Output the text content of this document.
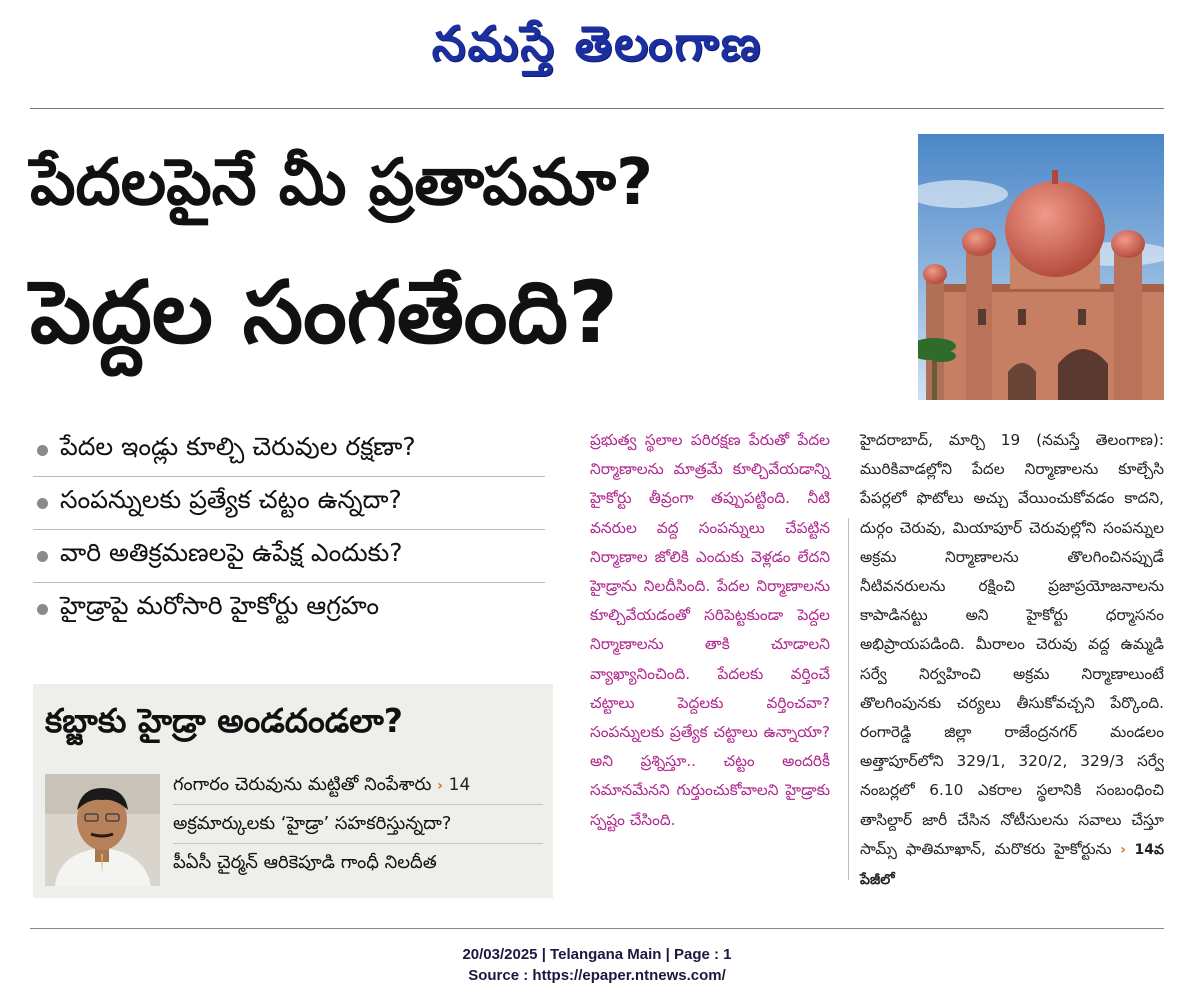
నమస్తే తెలంగాణ
పేదలపైనే మీ ప్రతాపమా?
పెద్దల సంగతేంది?
పేదల ఇండ్లు కూల్చి చెరువుల రక్షణా?
సంపన్నులకు ప్రత్యేక చట్టం ఉన్నదా?
వారి అతిక్రమణలపై ఉపేక్ష ఎందుకు?
హైడ్రాపై మరోసారి హైకోర్టు ఆగ్రహం
కబ్జాకు హైడ్రా అండదండలా?
గంగారం చెరువును మట్టితో నింపేశారు › 14
అక్రమార్కులకు ‘హైడ్రా’ సహకరిస్తున్నదా?
పీఏసీ చైర్మన్ ఆరికెపూడి గాంధీ నిలదీత
ప్రభుత్వ స్థలాల పరిరక్షణ పేరుతో పేదల నిర్మాణాలను మాత్రమే కూల్చివేయడాన్ని హైకోర్టు తీవ్రంగా తప్పుపట్టింది. నీటి వనరుల వద్ద సంపన్నులు చేపట్టిన నిర్మాణాల జోలికి ఎందుకు వెళ్లడం లేదని హైడ్రాను నిలదీసింది. పేదల నిర్మాణాలను కూల్చివేయడంతో సరిపెట్టకుండా పెద్దల నిర్మాణాలను తాకి చూడాలని వ్యాఖ్యానించింది. పేదలకు వర్తించే చట్టాలు పెద్దలకు వర్తించవా? సంపన్నులకు ప్రత్యేక చట్టాలు ఉన్నాయా? అని ప్రశ్నిస్తూ.. చట్టం అందరికీ సమానమేనని గుర్తుంచుకోవాలని హైడ్రాకు స్పష్టం చేసింది.
హైదరాబాద్, మార్చి 19 (నమస్తే తెలంగాణ): మురికివాడల్లోని పేదల నిర్మాణాలను కూల్చేసి పేపర్లలో ఫొటోలు అచ్చు వేయించుకోవడం కాదని, దుర్గం చెరువు, మియాపూర్ చెరువుల్లోని సంపన్నుల అక్రమ నిర్మాణాలను తొలగించినప్పుడే నీటివనరులను రక్షించి ప్రజాప్రయోజనాలను కాపాడినట్టు అని హైకోర్టు ధర్మాసనం అభిప్రాయపడింది. మీరాలం చెరువు వద్ద ఉమ్మడి సర్వే నిర్వహించి అక్రమ నిర్మాణాలుంటే తొలగింపునకు చర్యలు తీసుకోవచ్చని పేర్కొంది. రంగారెడ్డి జిల్లా రాజేంద్రనగర్ మండలం అత్తాపూర్‌లోని 329/1, 320/2, 329/3 సర్వే నంబర్లలో 6.10 ఎకరాల స్థలానికి సంబంధించి తాసిల్దార్ జారీ చేసిన నోటీసులను సవాలు చేస్తూ సామ్స్ ఫాతిమాఖాన్, మరొకరు హైకోర్టును › 14వ పేజీలో
20/03/2025 | Telangana Main | Page : 1
Source : https://epaper.ntnews.com/
